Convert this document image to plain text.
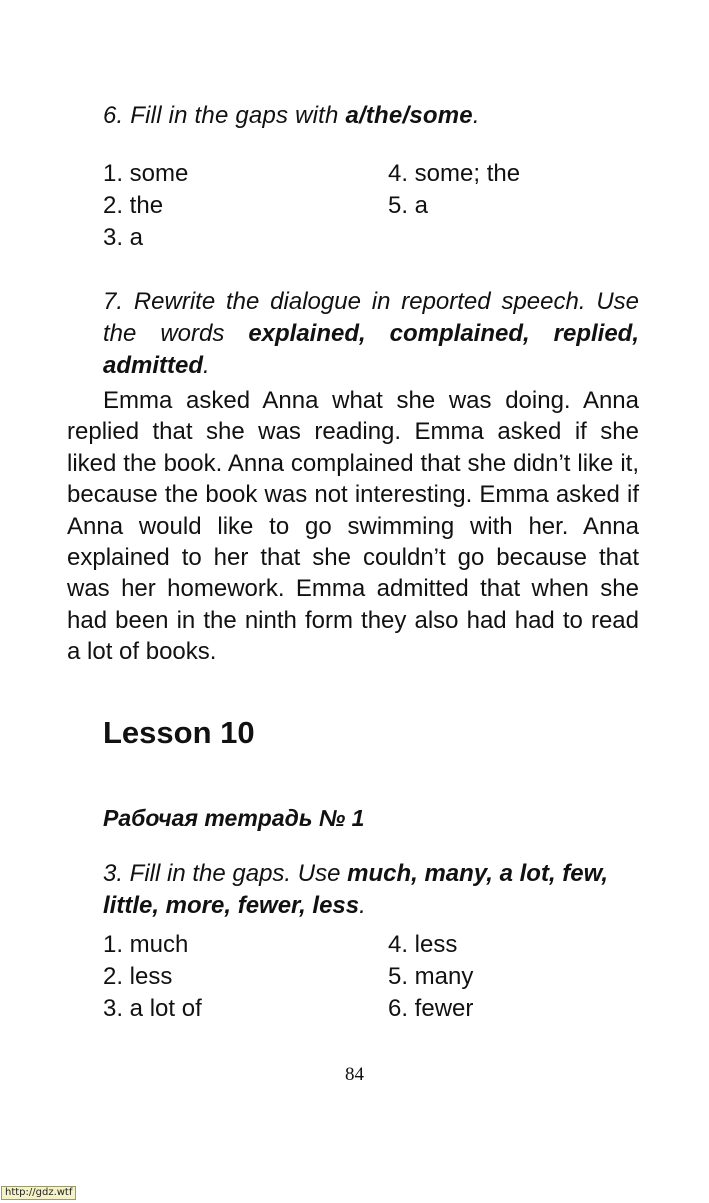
6. Fill in the gaps with a/the/some.
1. some
2. the
3. a
4. some; the
5. a
7. Rewrite the dialogue in reported speech. Use the words explained, complained, replied, admitted.
Emma asked Anna what she was doing. Anna replied that she was reading. Emma asked if she liked the book. Anna complained that she didn’t like it, because the book was not interesting. Emma asked if Anna would like to go swimming with her. Anna explained to her that she couldn’t go because that was her homework. Emma admitted that when she had been in the ninth form they also had had to read a lot of books.
Lesson 10
Рабочая тетрадь № 1
3. Fill in the gaps. Use much, many, a lot, few, little, more, fewer, less.
1. much
2. less
3. a lot of
4. less
5. many
6. fewer
84
http://gdz.wtf
